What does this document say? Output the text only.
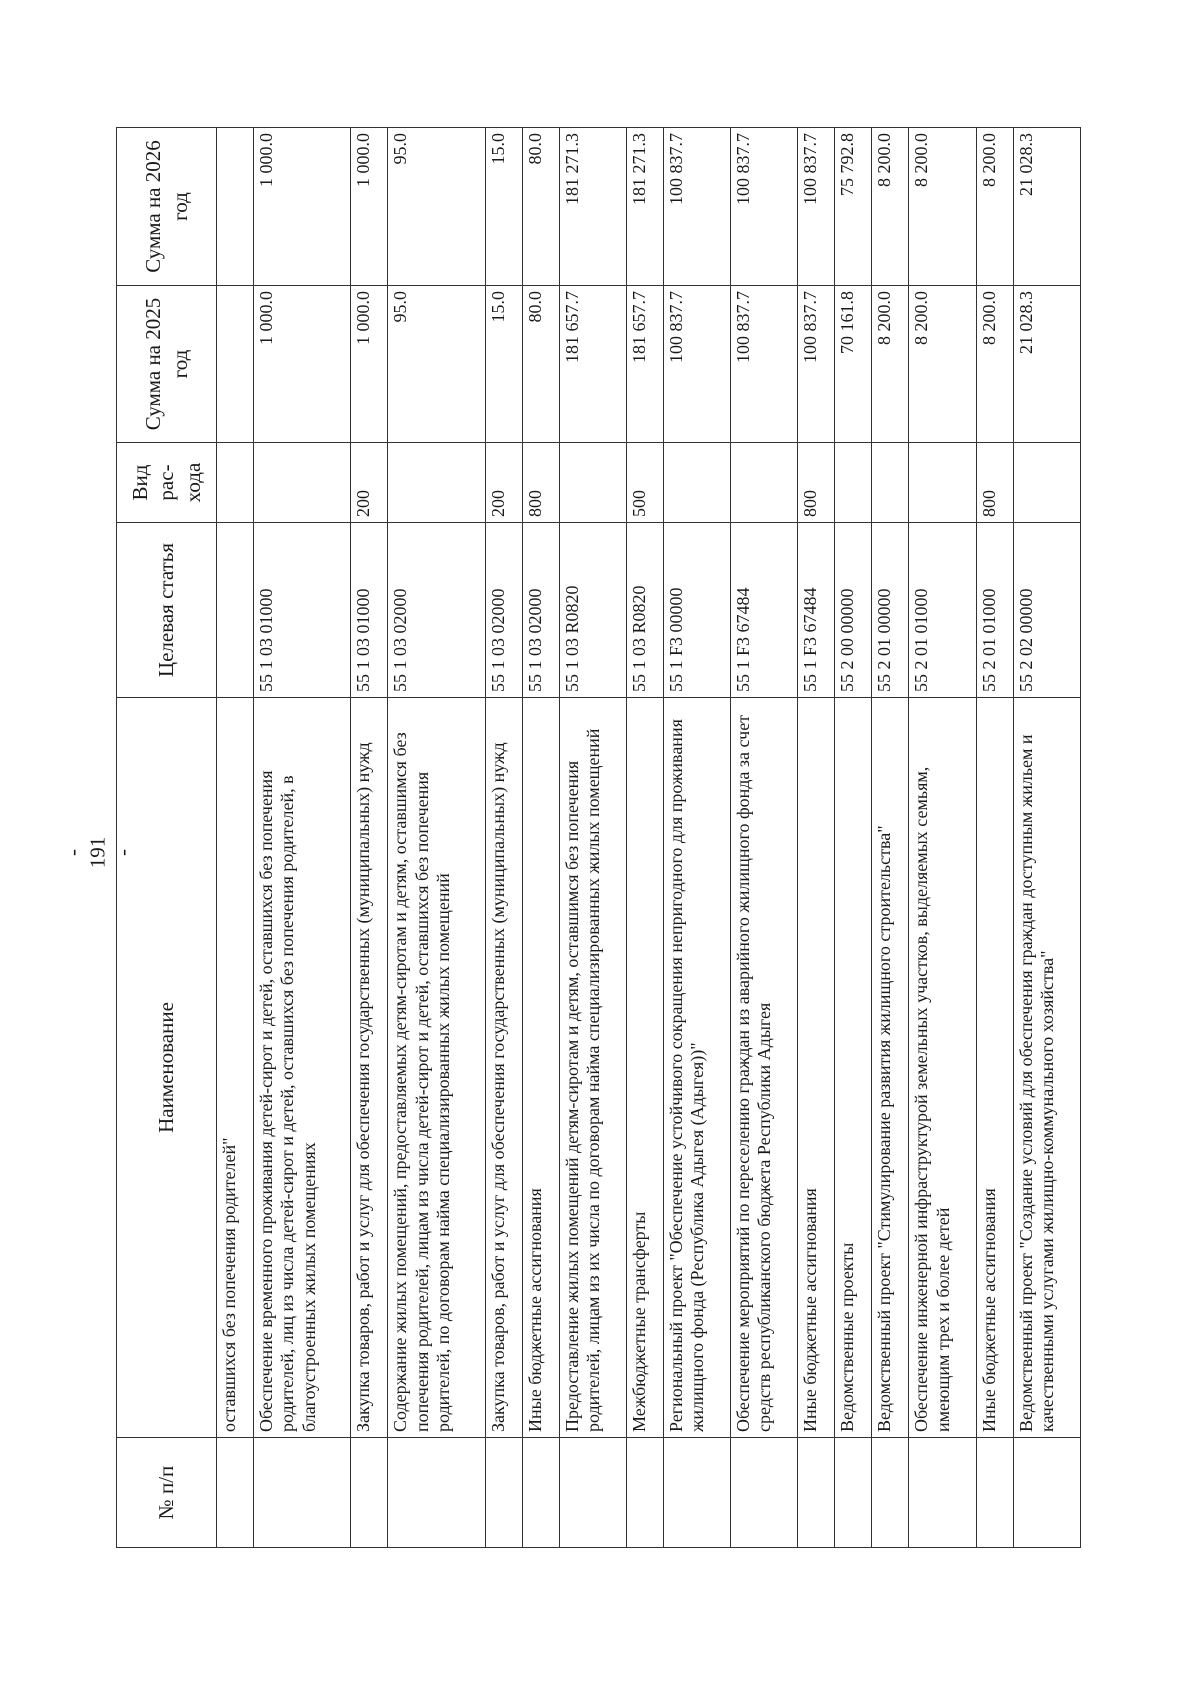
- 191 -
№ п/п	Наименование	Целевая статья	Вид рас-хода	Сумма на 2025 год	Сумма на 2026 год
	оставшихся без попечения родителей"				
	Обеспечение временного проживания детей-сирот и детей, оставшихся без попечения родителей, лиц из числа детей-сирот и детей, оставшихся без попечения родителей, в благоустроенных жилых помещениях	55 1 03 01000		1 000.0	1 000.0
	Закупка товаров, работ и услуг для обеспечения государственных (муниципальных) нужд	55 1 03 01000	200	1 000.0	1 000.0
	Содержание жилых помещений, предоставляемых детям-сиротам и детям, оставшимся без попечения родителей, лицам из числа детей-сирот и детей, оставшихся без попечения родителей, по договорам найма специализированных жилых помещений	55 1 03 02000		95.0	95.0
	Закупка товаров, работ и услуг для обеспечения государственных (муниципальных) нужд	55 1 03 02000	200	15.0	15.0
	Иные бюджетные ассигнования	55 1 03 02000	800	80.0	80.0
	Предоставление жилых помещений детям-сиротам и детям, оставшимся без попечения родителей, лицам из их числа по договорам найма специализированных жилых помещений	55 1 03 R0820		181 657.7	181 271.3
	Межбюджетные трансферты	55 1 03 R0820	500	181 657.7	181 271.3
	Региональный проект "Обеспечение устойчивого сокращения непригодного для проживания жилищного фонда (Республика Адыгея (Адыгея))"	55 1 F3 00000		100 837.7	100 837.7
	Обеспечение мероприятий по переселению граждан из аварийного жилищного фонда за счет средств республиканского бюджета Республики Адыгея	55 1 F3 67484		100 837.7	100 837.7
	Иные бюджетные ассигнования	55 1 F3 67484	800	100 837.7	100 837.7
	Ведомственные проекты	55 2 00 00000		70 161.8	75 792.8
	Ведомственный проект "Стимулирование развития жилищного строительства"	55 2 01 00000		8 200.0	8 200.0
	Обеспечение инженерной инфраструктурой земельных участков, выделяемых семьям, имеющим трех и более детей	55 2 01 01000		8 200.0	8 200.0
	Иные бюджетные ассигнования	55 2 01 01000	800	8 200.0	8 200.0
	Ведомственный проект "Создание условий для обеспечения граждан доступным жильем и качественными услугами жилищно-коммунального хозяйства"	55 2 02 00000		21 028.3	21 028.3
